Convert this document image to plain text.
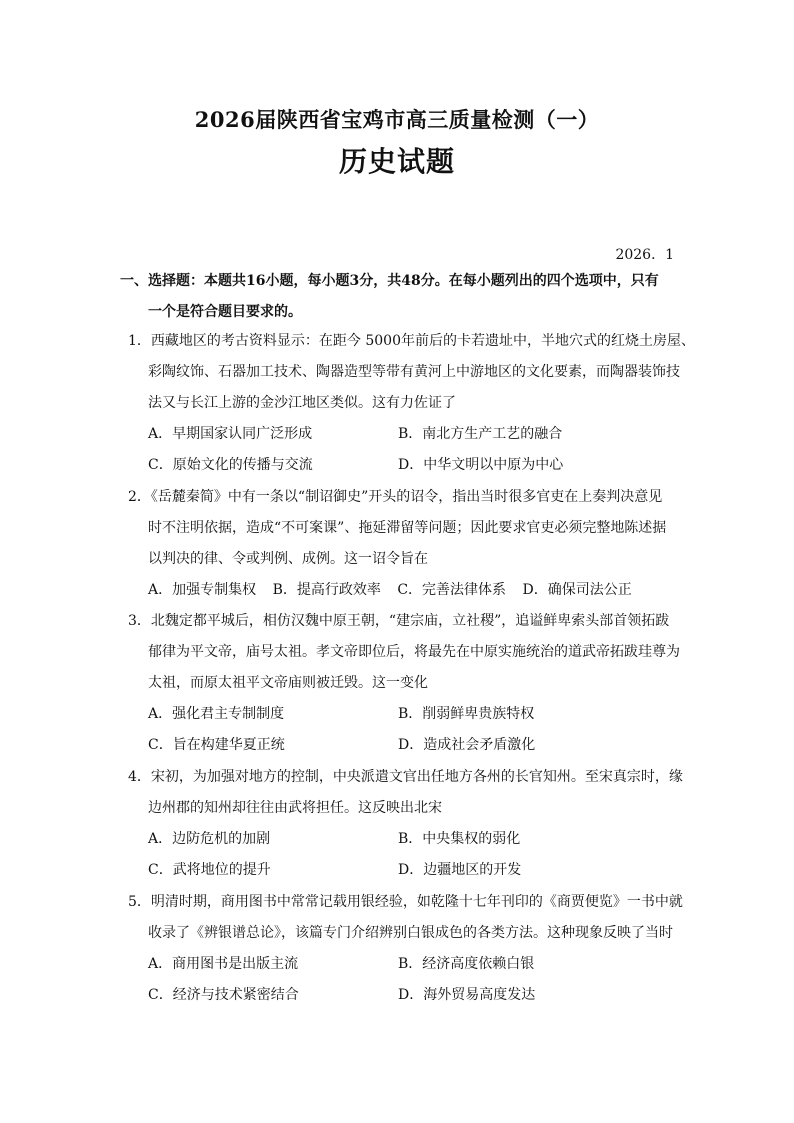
2026届陕西省宝鸡市高三质量检测（一）
历史试题
2026．1
一、选择题：本题共16小题，每小题3分，共48分。在每小题列出的四个选项中，只有
一个是符合题目要求的。
1．西藏地区的考古资料显示：在距今 5000年前后的卡若遗址中，半地穴式的红烧土房屋、
彩陶纹饰、石器加工技术、陶器造型等带有黄河上中游地区的文化要素，而陶器装饰技
法又与长江上游的金沙江地区类似。这有力佐证了
A．早期国家认同广泛形成	B．南北方生产工艺的融合
C．原始文化的传播与交流	D．中华文明以中原为中心
2．《岳麓秦简》中有一条以“制诏御史”开头的诏令，指出当时很多官吏在上奏判决意见
时不注明依据，造成“不可案课”、拖延滞留等问题；因此要求官吏必须完整地陈述据
以判决的律、令或判例、成例。这一诏令旨在
A．加强专制集权 B．提高行政效率 C．完善法律体系 D．确保司法公正
3．北魏定都平城后，相仿汉魏中原王朝，“建宗庙，立社稷”，追谥鲜卑索头部首领拓跋
郁律为平文帝，庙号太祖。孝文帝即位后，将最先在中原实施统治的道武帝拓跋珪尊为
太祖，而原太祖平文帝庙则被迁毁。这一变化
A．强化君主专制制度	B．削弱鲜卑贵族特权
C．旨在构建华夏正统	D．造成社会矛盾激化
4．宋初，为加强对地方的控制，中央派遣文官出任地方各州的长官知州。至宋真宗时，缘
边州郡的知州却往往由武将担任。这反映出北宋
A．边防危机的加剧	B．中央集权的弱化
C．武将地位的提升	D．边疆地区的开发
5．明清时期，商用图书中常常记载用银经验，如乾隆十七年刊印的《商贾便览》一书中就
收录了《辨银谱总论》，该篇专门介绍辨别白银成色的各类方法。这种现象反映了当时
A．商用图书是出版主流	B．经济高度依赖白银
C．经济与技术紧密结合	D．海外贸易高度发达
